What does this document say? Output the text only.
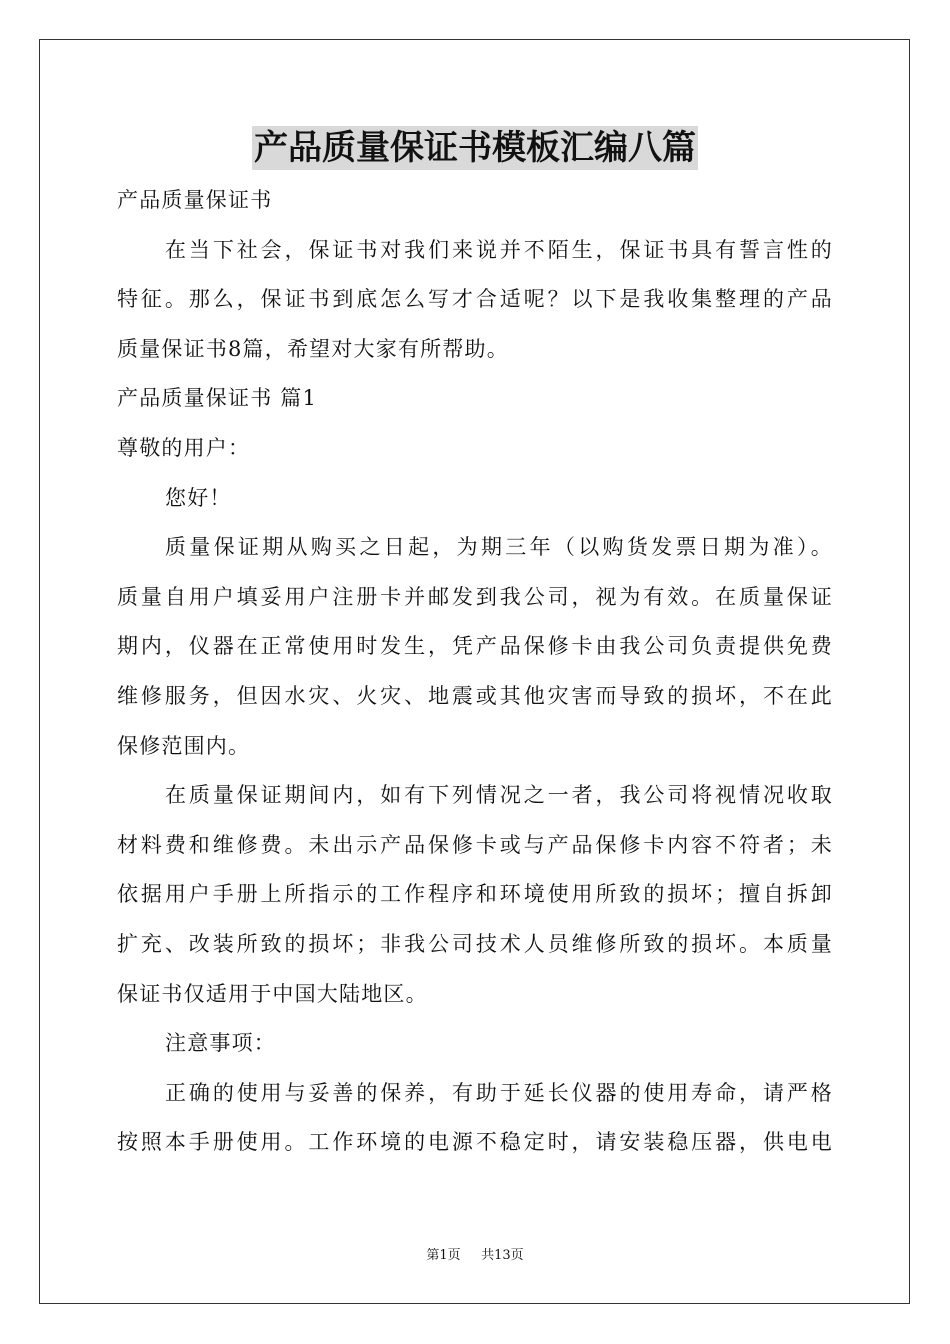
产品质量保证书模板汇编八篇
产品质量保证书
在当下社会，保证书对我们来说并不陌生，保证书具有誓言性的
特征。那么，保证书到底怎么写才合适呢？以下是我收集整理的产品
质量保证书8篇，希望对大家有所帮助。
产品质量保证书 篇1
尊敬的用户：
您好！
质量保证期从购买之日起，为期三年（以购货发票日期为准）。
质量自用户填妥用户注册卡并邮发到我公司，视为有效。在质量保证
期内，仪器在正常使用时发生，凭产品保修卡由我公司负责提供免费
维修服务，但因水灾、火灾、地震或其他灾害而导致的损坏，不在此
保修范围内。
在质量保证期间内，如有下列情况之一者，我公司将视情况收取
材料费和维修费。未出示产品保修卡或与产品保修卡内容不符者；未
依据用户手册上所指示的工作程序和环境使用所致的损坏；擅自拆卸
扩充、改装所致的损坏；非我公司技术人员维修所致的损坏。本质量
保证书仅适用于中国大陆地区。
注意事项：
正确的使用与妥善的保养，有助于延长仪器的使用寿命，请严格
按照本手册使用。工作环境的电源不稳定时，请安装稳压器，供电电
第1页 共13页
